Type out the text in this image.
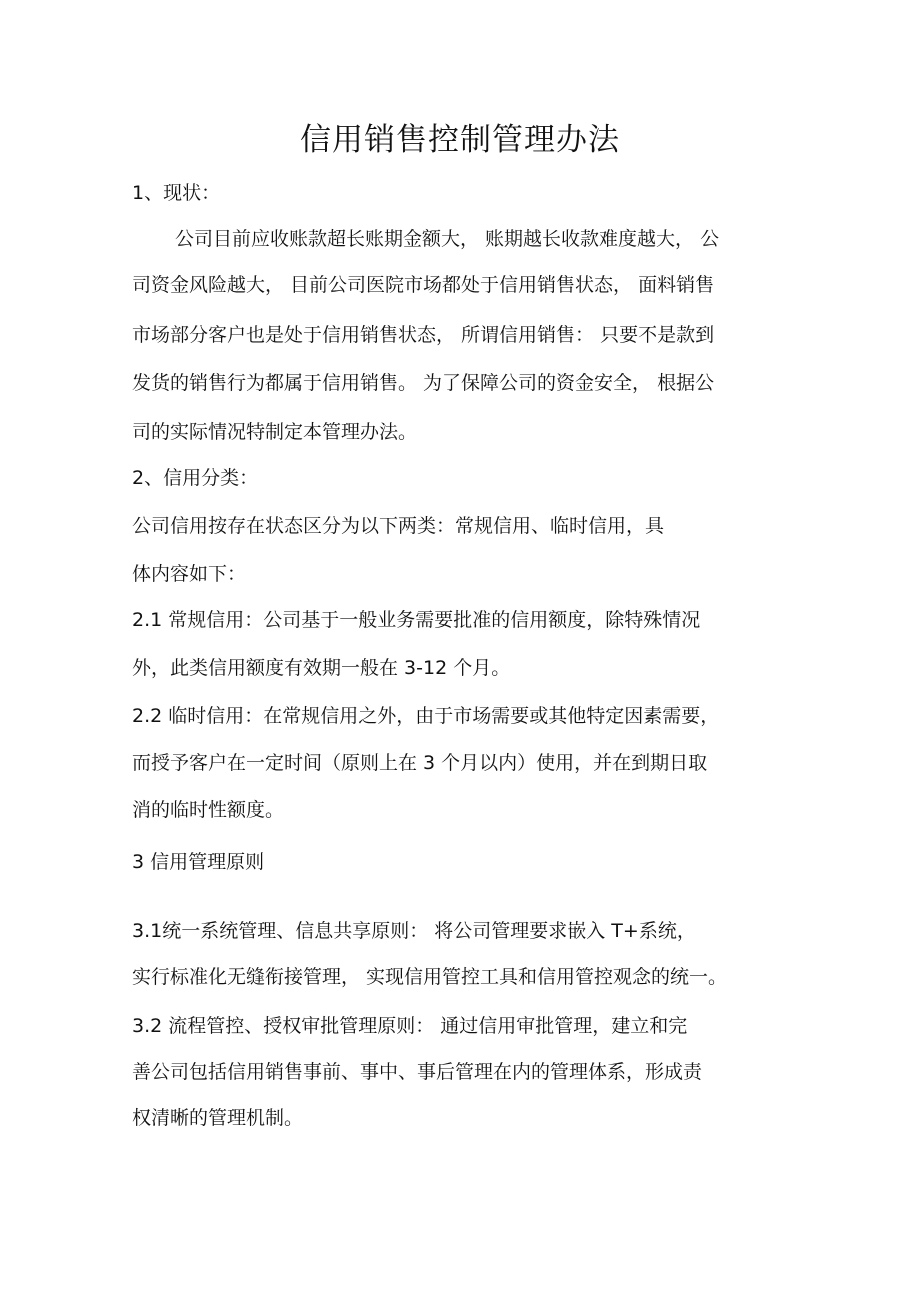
信用销售控制管理办法
1、现状：
公司目前应收账款超长账期金额大， 账期越长收款难度越大， 公
司资金风险越大， 目前公司医院市场都处于信用销售状态， 面料销售
市场部分客户也是处于信用销售状态， 所谓信用销售： 只要不是款到
发货的销售行为都属于信用销售。 为了保障公司的资金安全， 根据公
司的实际情况特制定本管理办法。
2、信用分类：
公司信用按存在状态区分为以下两类：常规信用、临时信用，具
体内容如下：
2.1 常规信用：公司基于一般业务需要批准的信用额度，除特殊情况
外，此类信用额度有效期一般在 3-12 个月。
2.2 临时信用：在常规信用之外，由于市场需要或其他特定因素需要，
而授予客户在一定时间（原则上在 3 个月以内）使用，并在到期日取
消的临时性额度。
3 信用管理原则
3.1统一系统管理、信息共享原则： 将公司管理要求嵌入 T+系统，
实行标准化无缝衔接管理， 实现信用管控工具和信用管控观念的统一。
3.2 流程管控、授权审批管理原则： 通过信用审批管理，建立和完
善公司包括信用销售事前、事中、事后管理在内的管理体系，形成责
权清晰的管理机制。
